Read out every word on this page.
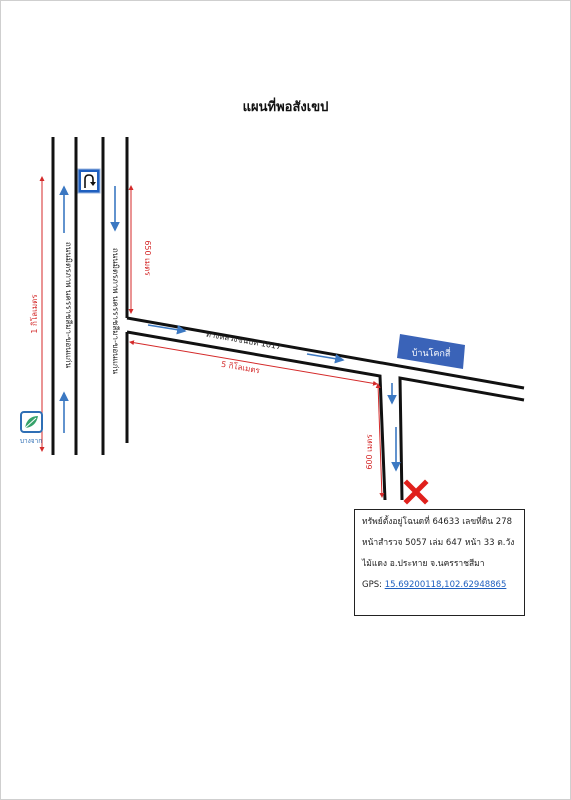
แผนที่พอสังเขป
1 กิโลเมตร
650 เมตร
5 กิโลเมตร
600 เมตร
ถนนมิตรภาพ นครราชสีมา-ขอนแก่น	ถนนมิตรภาพ นครราชสีมา-ขอนแก่น	ทางหลวงชนบท 1017
บางจาก
บ้านโคกสี่
ทรัพย์ตั้งอยู่โฉนดที่ 64633 เลขที่ดิน 278
หน้าสำรวจ 5057 เล่ม 647 หน้า 33 ต.วัง
ไม้แดง อ.ประทาย จ.นครราชสีมา
GPS: 15.69200118,102.62948865
